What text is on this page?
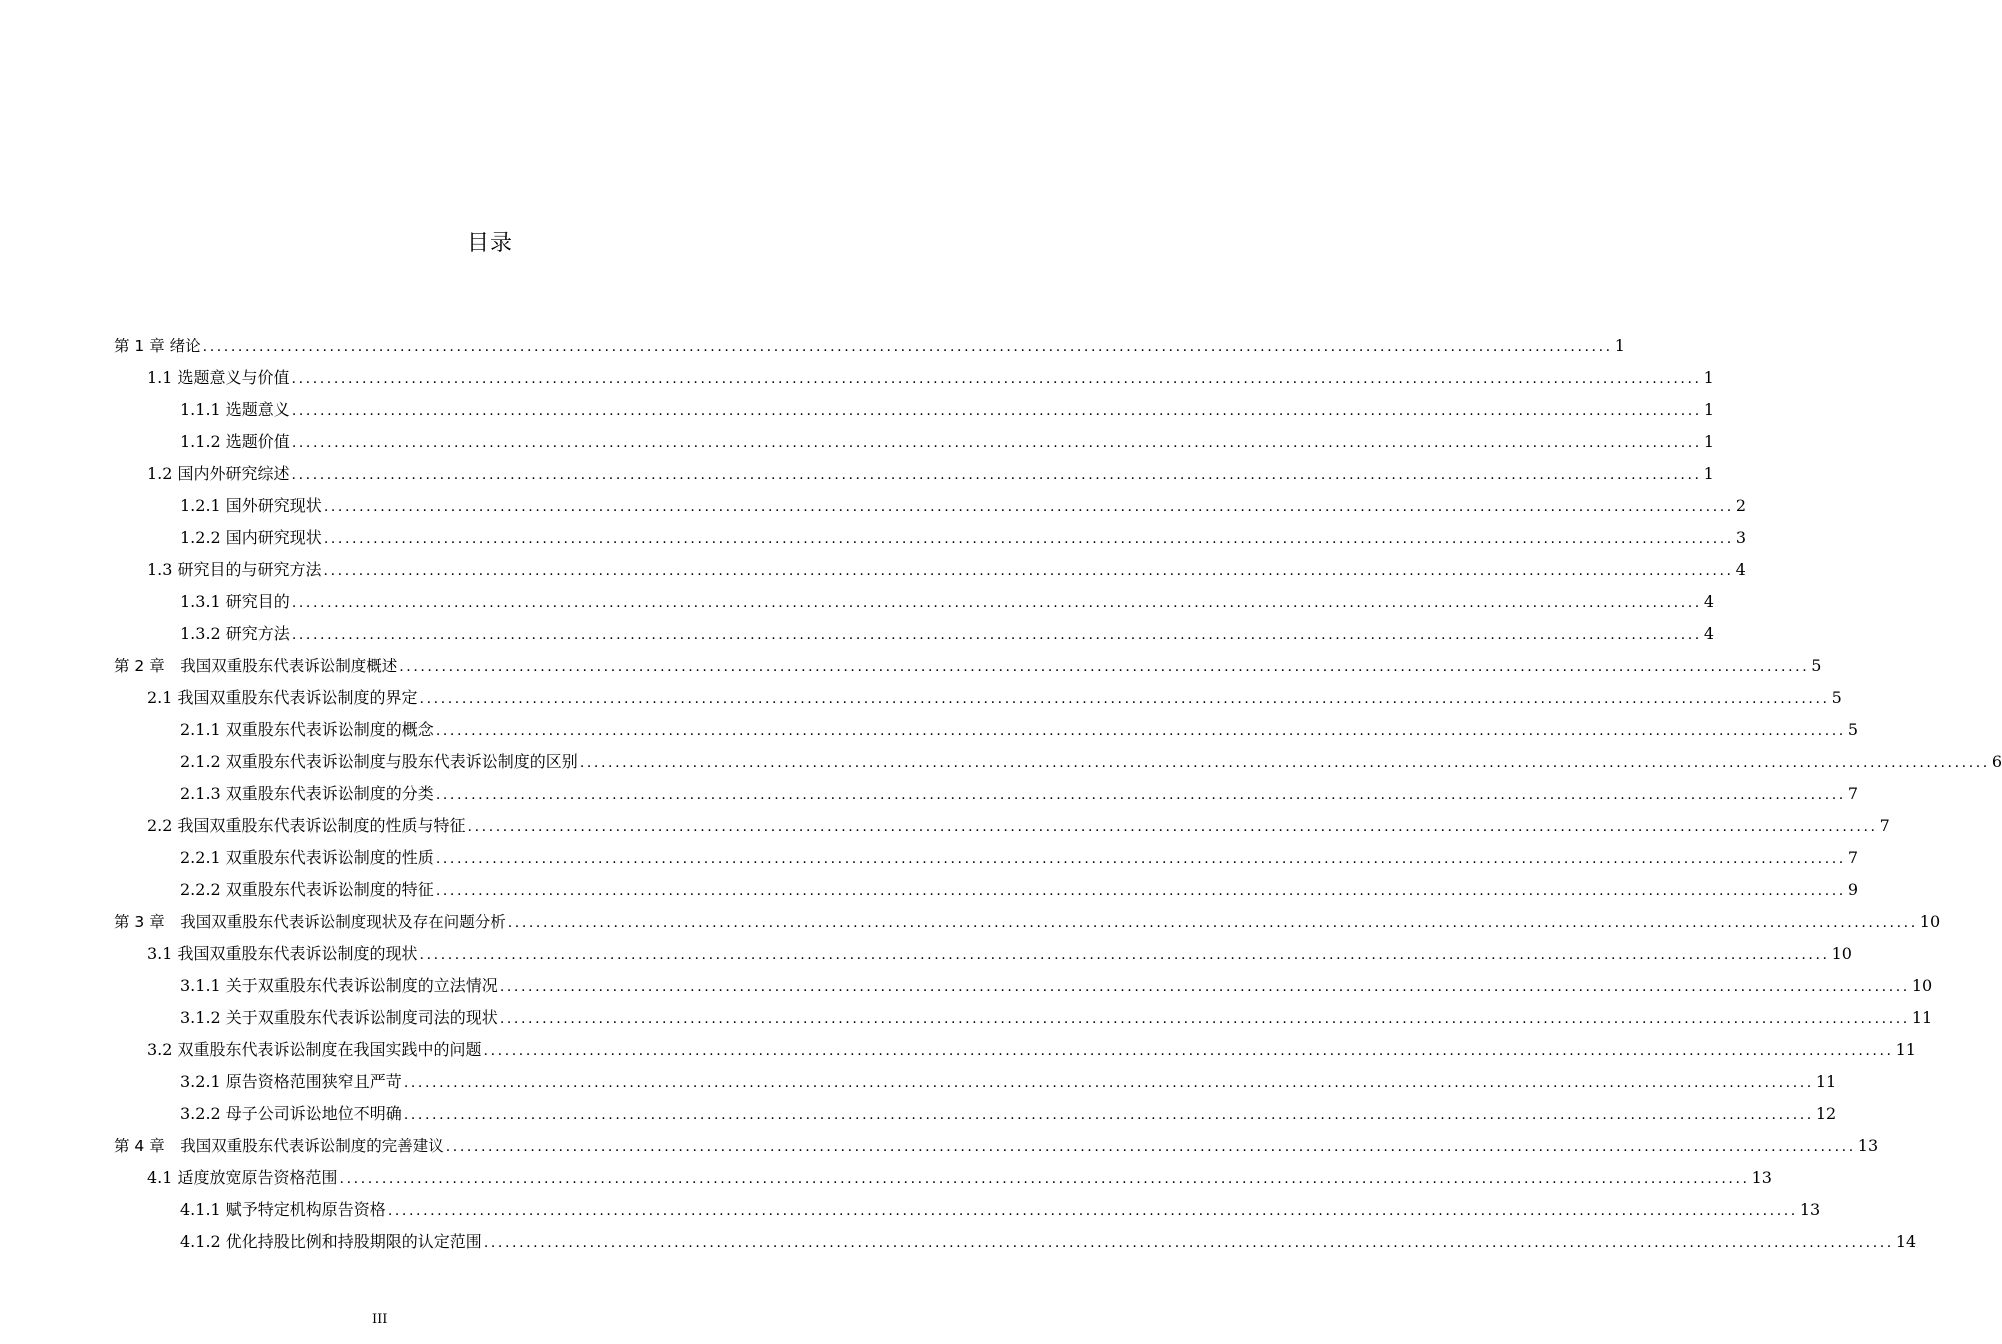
目录
第 1 章 绪论 ........................................................................................................................................................................................................ 1
1.1 选题意义与价值 ........................................................................................................................................................................................................ 1
1.1.1 选题意义 ........................................................................................................................................................................................................ 1
1.1.2 选题价值 ........................................................................................................................................................................................................ 1
1.2 国内外研究综述 ........................................................................................................................................................................................................ 1
1.2.1 国外研究现状 ........................................................................................................................................................................................................ 2
1.2.2 国内研究现状 ........................................................................................................................................................................................................ 3
1.3 研究目的与研究方法 ........................................................................................................................................................................................................ 4
1.3.1 研究目的 ........................................................................................................................................................................................................ 4
1.3.2 研究方法 ........................................................................................................................................................................................................ 4
第 2 章　我国双重股东代表诉讼制度概述 ........................................................................................................................................................................................................ 5
2.1 我国双重股东代表诉讼制度的界定 ........................................................................................................................................................................................................ 5
2.1.1 双重股东代表诉讼制度的概念 ........................................................................................................................................................................................................ 5
2.1.2 双重股东代表诉讼制度与股东代表诉讼制度的区别 ........................................................................................................................................................................................................ 6
2.1.3 双重股东代表诉讼制度的分类 ........................................................................................................................................................................................................ 7
2.2 我国双重股东代表诉讼制度的性质与特征 ........................................................................................................................................................................................................ 7
2.2.1 双重股东代表诉讼制度的性质 ........................................................................................................................................................................................................ 7
2.2.2 双重股东代表诉讼制度的特征 ........................................................................................................................................................................................................ 9
第 3 章　我国双重股东代表诉讼制度现状及存在问题分析 ........................................................................................................................................................................................................ 10
3.1 我国双重股东代表诉讼制度的现状 ........................................................................................................................................................................................................ 10
3.1.1 关于双重股东代表诉讼制度的立法情况 ........................................................................................................................................................................................................ 10
3.1.2 关于双重股东代表诉讼制度司法的现状 ........................................................................................................................................................................................................ 11
3.2 双重股东代表诉讼制度在我国实践中的问题 ........................................................................................................................................................................................................ 11
3.2.1 原告资格范围狭窄且严苛 ........................................................................................................................................................................................................ 11
3.2.2 母子公司诉讼地位不明确 ........................................................................................................................................................................................................ 12
第 4 章　我国双重股东代表诉讼制度的完善建议 ........................................................................................................................................................................................................ 13
4.1 适度放宽原告资格范围 ........................................................................................................................................................................................................ 13
4.1.1 赋予特定机构原告资格 ........................................................................................................................................................................................................ 13
4.1.2 优化持股比例和持股期限的认定范围 ........................................................................................................................................................................................................ 14
III
